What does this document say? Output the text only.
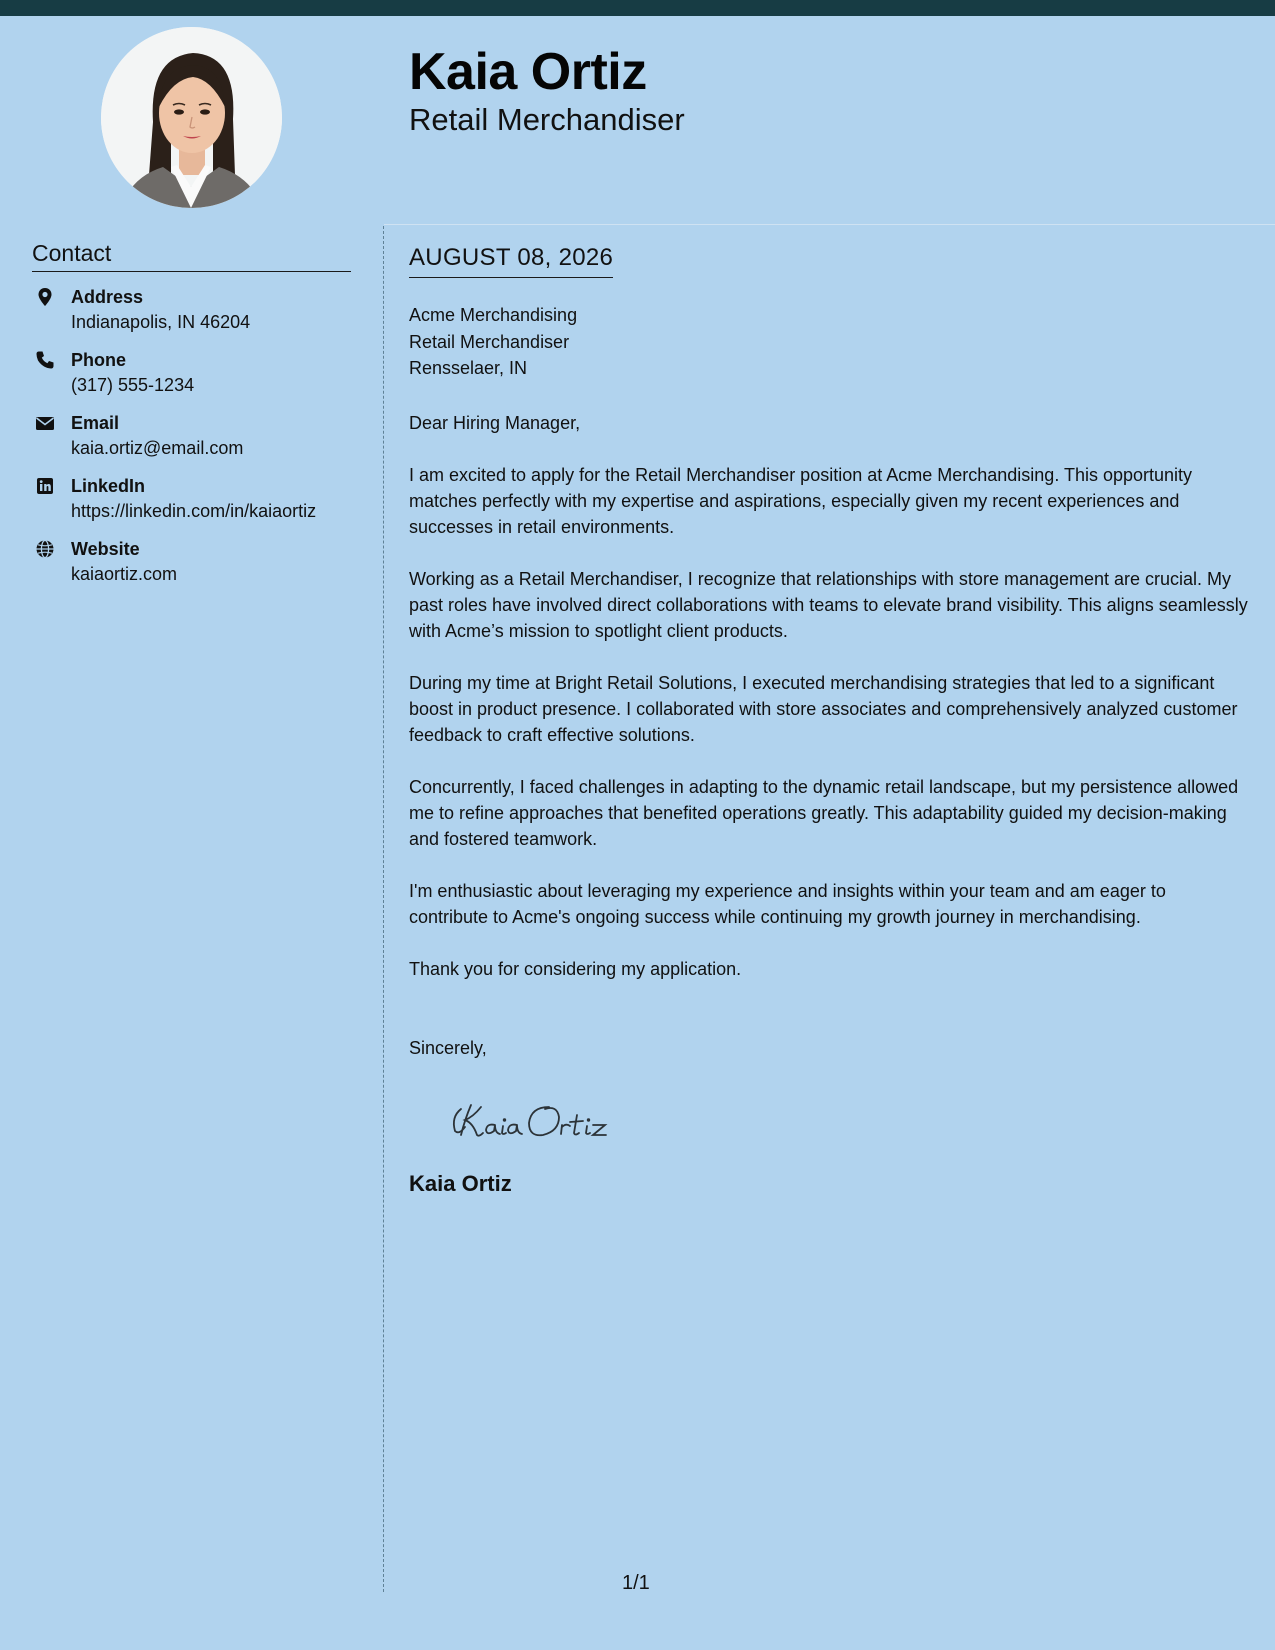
Kaia Ortiz
Retail Merchandiser
Contact
Address
Indianapolis, IN 46204
Phone
(317) 555-1234
Email
kaia.ortiz@email.com
LinkedIn
https://linkedin.com/in/kaiaortiz
Website
kaiaortiz.com
AUGUST 08, 2026
Acme Merchandising
Retail Merchandiser
Rensselaer, IN
Dear Hiring Manager,
I am excited to apply for the Retail Merchandiser position at Acme Merchandising. This opportunity matches perfectly with my expertise and aspirations, especially given my recent experiences and successes in retail environments.
Working as a Retail Merchandiser, I recognize that relationships with store management are crucial. My past roles have involved direct collaborations with teams to elevate brand visibility. This aligns seamlessly with Acme’s mission to spotlight client products.
During my time at Bright Retail Solutions, I executed merchandising strategies that led to a significant boost in product presence. I collaborated with store associates and comprehensively analyzed customer feedback to craft effective solutions.
Concurrently, I faced challenges in adapting to the dynamic retail landscape, but my persistence allowed me to refine approaches that benefited operations greatly. This adaptability guided my decision-making and fostered teamwork.
I'm enthusiastic about leveraging my experience and insights within your team and am eager to contribute to Acme's ongoing success while continuing my growth journey in merchandising.
Thank you for considering my application.
Sincerely,
Kaia Ortiz
1/1
